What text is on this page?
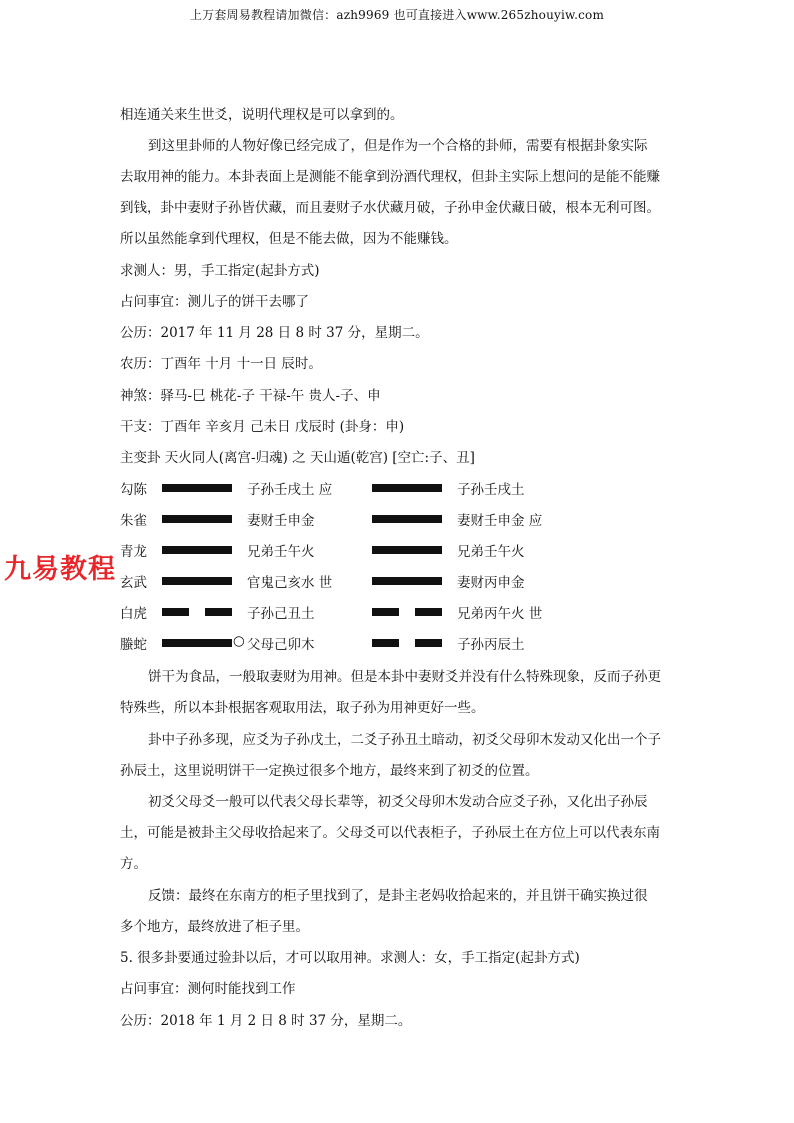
上万套周易教程请加微信：azh9969 也可直接进入www.265zhouyiw.com
相连通关来生世爻，说明代理权是可以拿到的。
到这里卦师的人物好像已经完成了，但是作为一个合格的卦师，需要有根据卦象实际
去取用神的能力。本卦表面上是测能不能拿到汾酒代理权，但卦主实际上想问的是能不能赚
到钱，卦中妻财子孙皆伏藏，而且妻财子水伏藏月破，子孙申金伏藏日破，根本无利可图。
所以虽然能拿到代理权，但是不能去做，因为不能赚钱。
求测人：男，手工指定(起卦方式)
占问事宜：测儿子的饼干去哪了
公历：2017 年 11 月 28 日 8 时 37 分，星期二。
农历：丁酉年 十月 十一日 辰时。
神煞：驿马-巳 桃花-子 干禄-午 贵人-子、申
干支：丁酉年 辛亥月 己未日 戊辰时 (卦身：申)
主变卦 天火同人(离宫-归魂) 之 天山遁(乾宫) [空亡:子、丑]
勾陈	子孙壬戌土 应	子孙壬戌土
朱雀	妻财壬申金	妻财壬申金 应
青龙	兄弟壬午火	兄弟壬午火
玄武	官鬼己亥水 世	妻财丙申金
白虎	子孙己丑土	兄弟丙午火 世
螣蛇	○ 父母己卯木	子孙丙辰土
饼干为食品，一般取妻财为用神。但是本卦中妻财爻并没有什么特殊现象，反而子孙更
特殊些，所以本卦根据客观取用法，取子孙为用神更好一些。
卦中子孙多现，应爻为子孙戊土，二爻子孙丑土暗动，初爻父母卯木发动又化出一个子
孙辰土，这里说明饼干一定换过很多个地方，最终来到了初爻的位置。
初爻父母爻一般可以代表父母长辈等，初爻父母卯木发动合应爻子孙，又化出子孙辰
土，可能是被卦主父母收拾起来了。父母爻可以代表柜子，子孙辰土在方位上可以代表东南
方。
反馈：最终在东南方的柜子里找到了，是卦主老妈收拾起来的，并且饼干确实换过很
多个地方，最终放进了柜子里。
5. 很多卦要通过验卦以后，才可以取用神。求测人：女，手工指定(起卦方式)
占问事宜：测何时能找到工作
公历：2018 年 1 月 2 日 8 时 37 分，星期二。
九易教程
